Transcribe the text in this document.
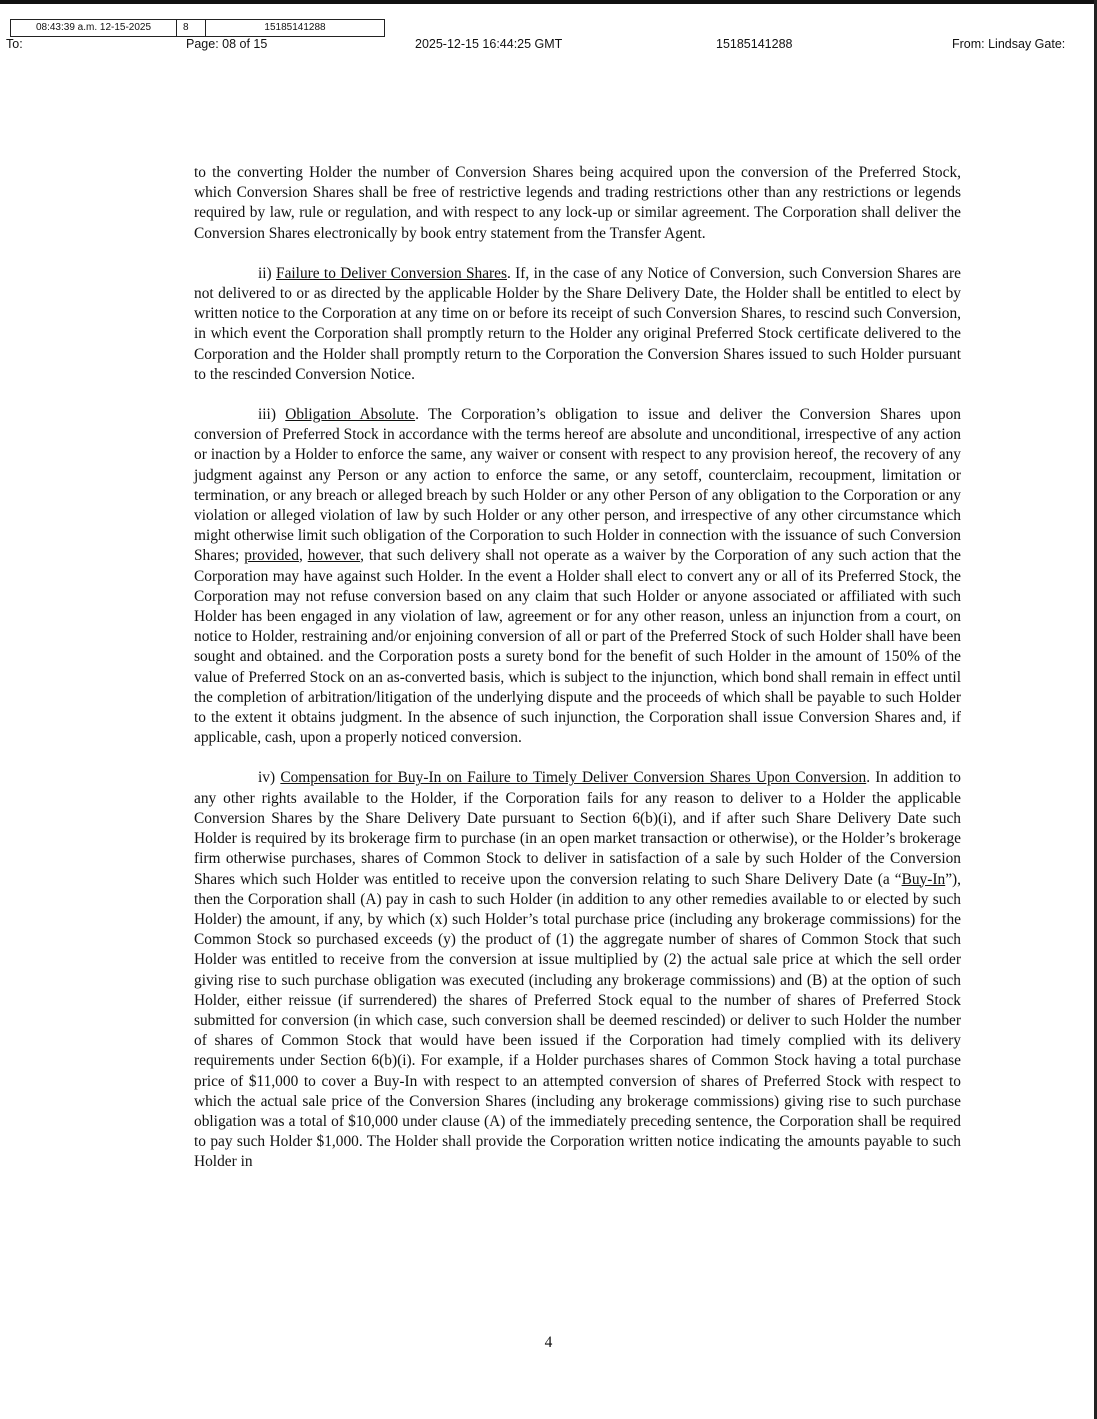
08:43:39 a.m. 12-15-2025	8	15185141288
To:	Page: 08 of 15	2025-12-15 16:44:25 GMT	15185141288	From: Lindsay Gate:

to the converting Holder the number of Conversion Shares being acquired upon the conversion of the Preferred Stock, which Conversion Shares shall be free of restrictive legends and trading restrictions other than any restrictions or legends required by law, rule or regulation, and with respect to any lock-up or similar agreement. The Corporation shall deliver the Conversion Shares electronically by book entry statement from the Transfer Agent.

ii) Failure to Deliver Conversion Shares. If, in the case of any Notice of Conversion, such Conversion Shares are not delivered to or as directed by the applicable Holder by the Share Delivery Date, the Holder shall be entitled to elect by written notice to the Corporation at any time on or before its receipt of such Conversion Shares, to rescind such Conversion, in which event the Corporation shall promptly return to the Holder any original Preferred Stock certificate delivered to the Corporation and the Holder shall promptly return to the Corporation the Conversion Shares issued to such Holder pursuant to the rescinded Conversion Notice.

iii) Obligation Absolute. The Corporation’s obligation to issue and deliver the Conversion Shares upon conversion of Preferred Stock in accordance with the terms hereof are absolute and unconditional, irrespective of any action or inaction by a Holder to enforce the same, any waiver or consent with respect to any provision hereof, the recovery of any judgment against any Person or any action to enforce the same, or any setoff, counterclaim, recoupment, limitation or termination, or any breach or alleged breach by such Holder or any other Person of any obligation to the Corporation or any violation or alleged violation of law by such Holder or any other person, and irrespective of any other circumstance which might otherwise limit such obligation of the Corporation to such Holder in connection with the issuance of such Conversion Shares; provided, however, that such delivery shall not operate as a waiver by the Corporation of any such action that the Corporation may have against such Holder. In the event a Holder shall elect to convert any or all of its Preferred Stock, the Corporation may not refuse conversion based on any claim that such Holder or anyone associated or affiliated with such Holder has been engaged in any violation of law, agreement or for any other reason, unless an injunction from a court, on notice to Holder, restraining and/or enjoining conversion of all or part of the Preferred Stock of such Holder shall have been sought and obtained. and the Corporation posts a surety bond for the benefit of such Holder in the amount of 150% of the value of Preferred Stock on an as-converted basis, which is subject to the injunction, which bond shall remain in effect until the completion of arbitration/litigation of the underlying dispute and the proceeds of which shall be payable to such Holder to the extent it obtains judgment. In the absence of such injunction, the Corporation shall issue Conversion Shares and, if applicable, cash, upon a properly noticed conversion.

iv) Compensation for Buy-In on Failure to Timely Deliver Conversion Shares Upon Conversion. In addition to any other rights available to the Holder, if the Corporation fails for any reason to deliver to a Holder the applicable Conversion Shares by the Share Delivery Date pursuant to Section 6(b)(i), and if after such Share Delivery Date such Holder is required by its brokerage firm to purchase (in an open market transaction or otherwise), or the Holder’s brokerage firm otherwise purchases, shares of Common Stock to deliver in satisfaction of a sale by such Holder of the Conversion Shares which such Holder was entitled to receive upon the conversion relating to such Share Delivery Date (a “Buy-In”), then the Corporation shall (A) pay in cash to such Holder (in addition to any other remedies available to or elected by such Holder) the amount, if any, by which (x) such Holder’s total purchase price (including any brokerage commissions) for the Common Stock so purchased exceeds (y) the product of (1) the aggregate number of shares of Common Stock that such Holder was entitled to receive from the conversion at issue multiplied by (2) the actual sale price at which the sell order giving rise to such purchase obligation was executed (including any brokerage commissions) and (B) at the option of such Holder, either reissue (if surrendered) the shares of Preferred Stock equal to the number of shares of Preferred Stock submitted for conversion (in which case, such conversion shall be deemed rescinded) or deliver to such Holder the number of shares of Common Stock that would have been issued if the Corporation had timely complied with its delivery requirements under Section 6(b)(i). For example, if a Holder purchases shares of Common Stock having a total purchase price of $11,000 to cover a Buy-In with respect to an attempted conversion of shares of Preferred Stock with respect to which the actual sale price of the Conversion Shares (including any brokerage commissions) giving rise to such purchase obligation was a total of $10,000 under clause (A) of the immediately preceding sentence, the Corporation shall be required to pay such Holder $1,000. The Holder shall provide the Corporation written notice indicating the amounts payable to such Holder in

4
